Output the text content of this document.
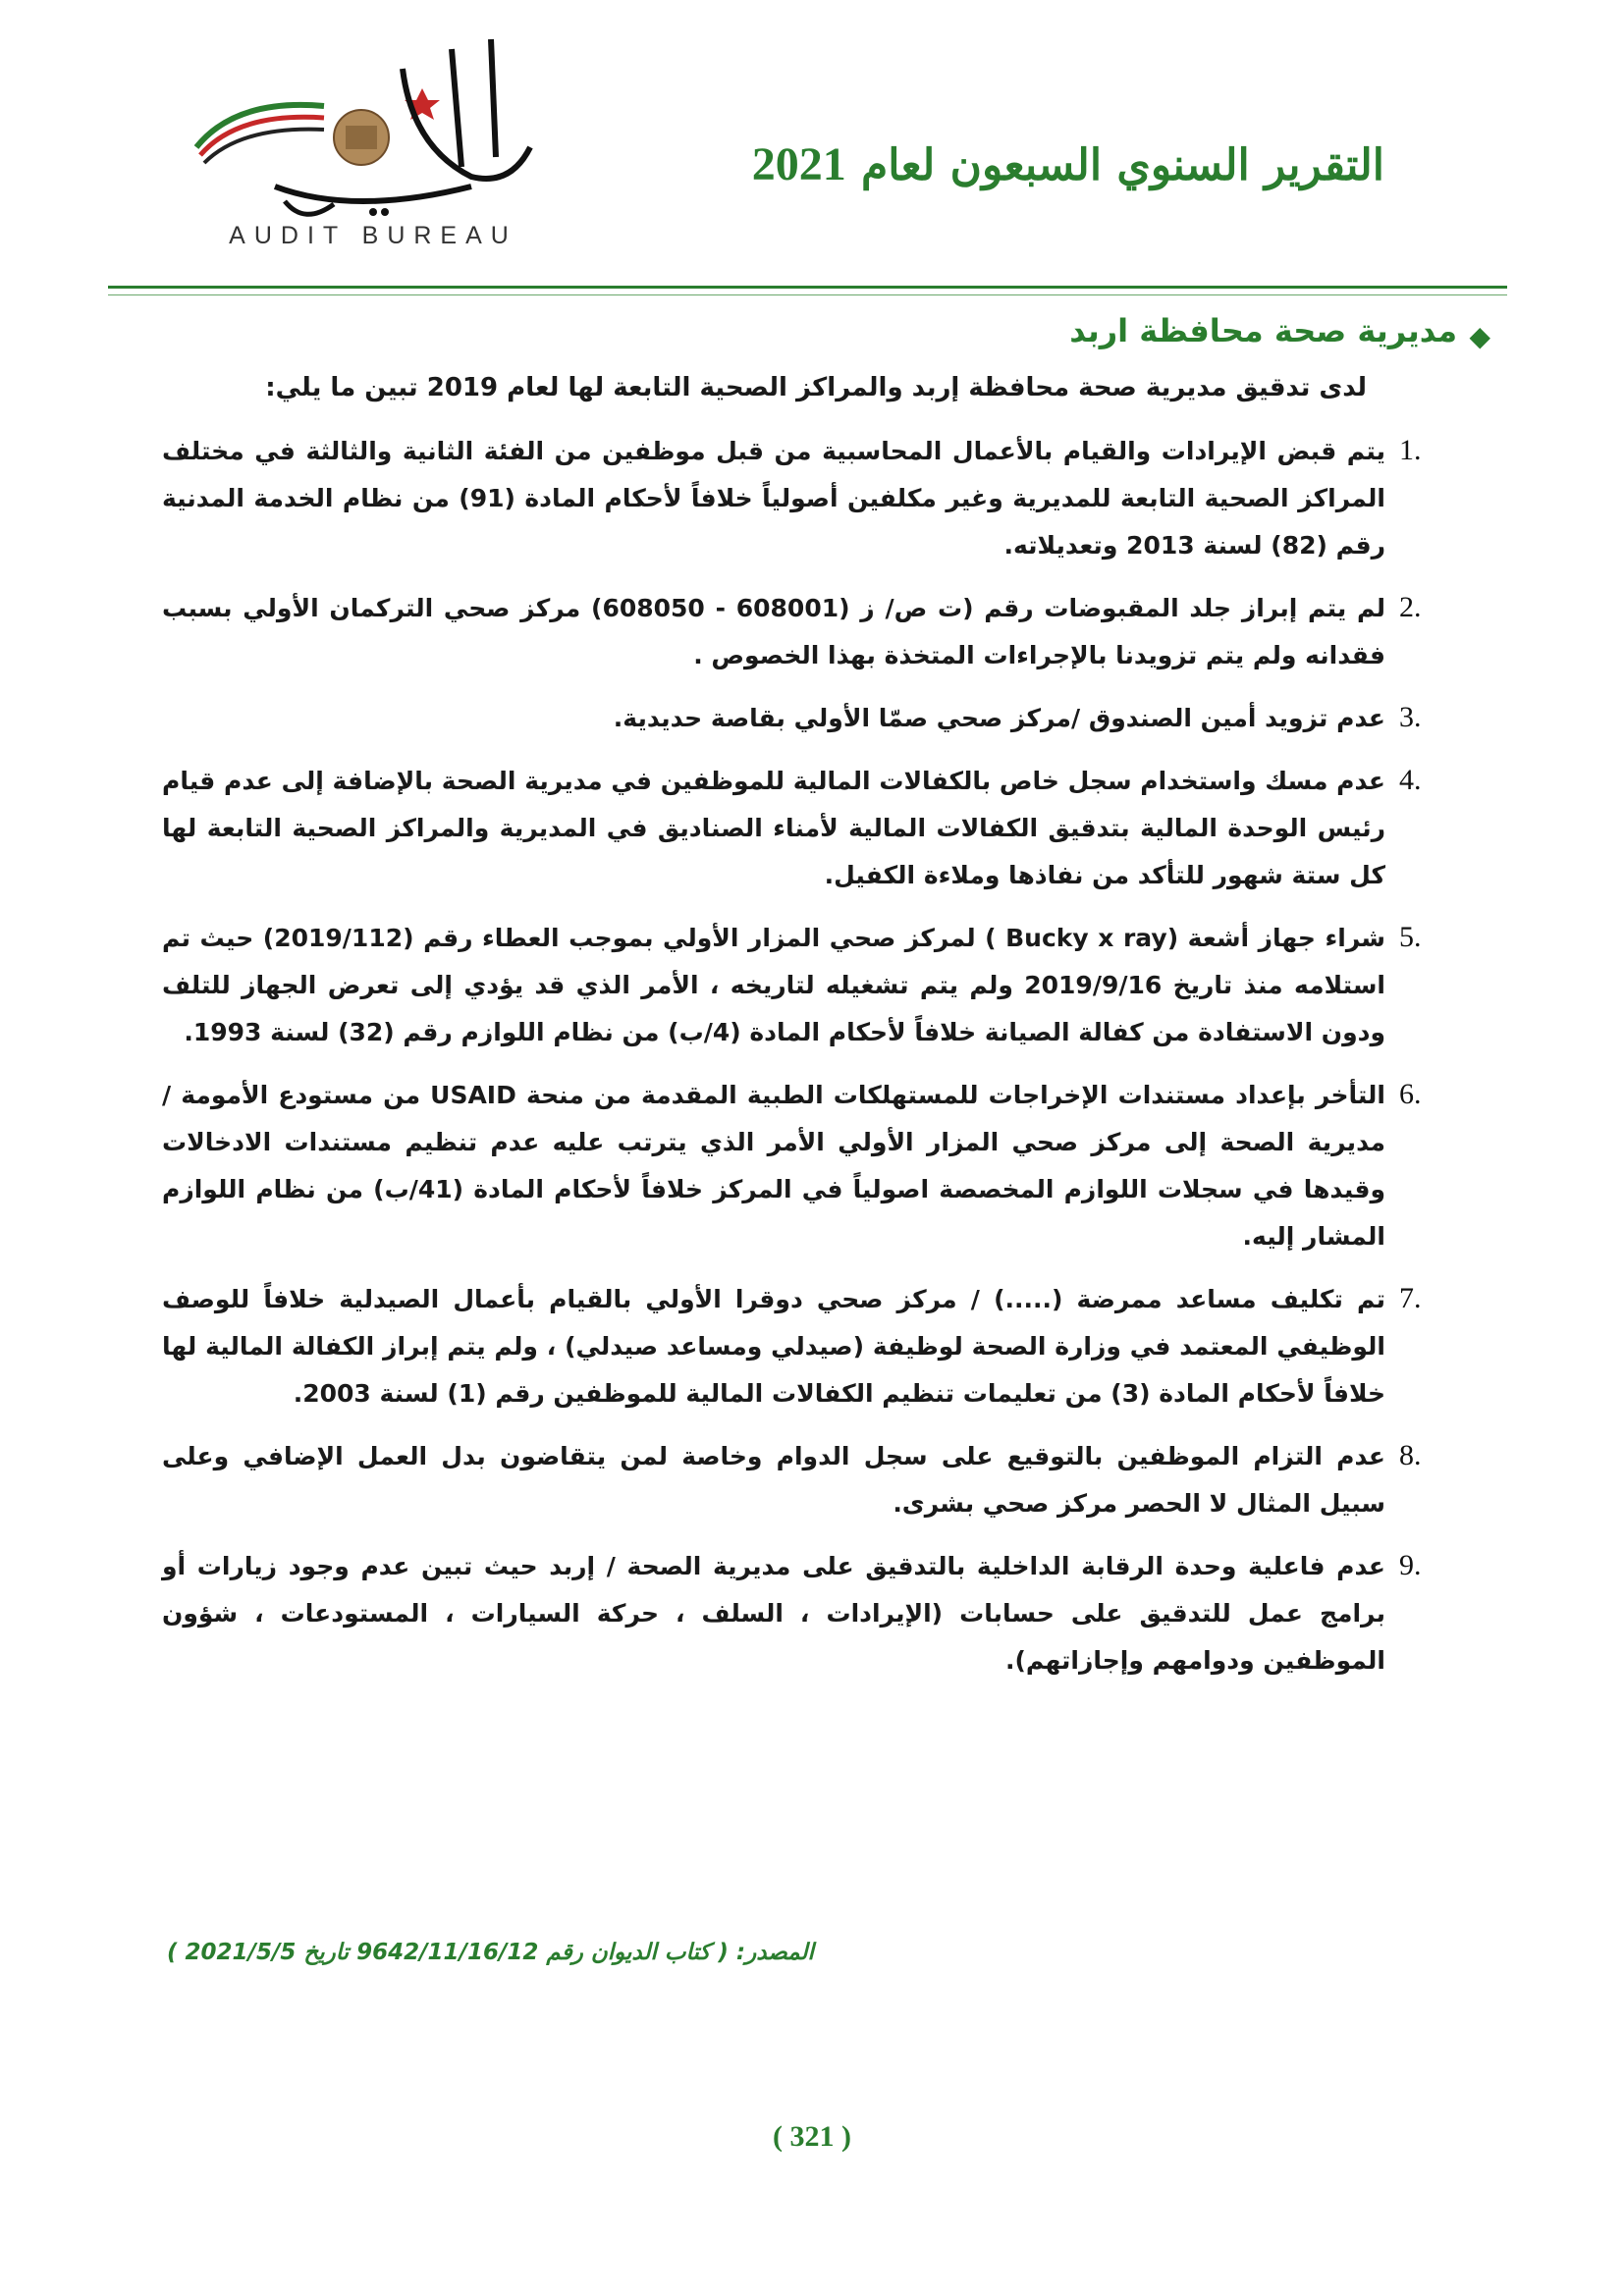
التقرير السنوي السبعون لعام 2021
AUDIT BUREAU
◆
مديرية صحة محافظة اربد
لدى تدقيق مديرية صحة محافظة إربد والمراكز الصحية التابعة لها لعام 2019 تبين ما يلي:
1.
يتم قبض الإيرادات والقيام بالأعمال المحاسبية من قبل موظفين من الفئة الثانية والثالثة في مختلف المراكز الصحية التابعة للمديرية وغير مكلفين أصولياً خلافاً لأحكام المادة (91) من نظام الخدمة المدنية رقم (82) لسنة 2013 وتعديلاته.
2.
لم يتم إبراز جلد المقبوضات رقم (ت ص/ ز (608001 - 608050) مركز صحي التركمان الأولي بسبب فقدانه ولم يتم تزويدنا بالإجراءات المتخذة بهذا الخصوص .
3.
عدم تزويد أمين الصندوق /مركز صحي صمّا الأولي بقاصة حديدية.
4.
عدم مسك واستخدام سجل خاص بالكفالات المالية للموظفين في مديرية الصحة بالإضافة إلى عدم قيام رئيس الوحدة المالية بتدقيق الكفالات المالية لأمناء الصناديق في المديرية والمراكز الصحية التابعة لها كل ستة شهور للتأكد من نفاذها وملاءة الكفيل.
5.
شراء جهاز أشعة (Bucky x ray ) لمركز صحي المزار الأولي بموجب العطاء رقم (2019/112) حيث تم استلامه منذ تاريخ 2019/9/16 ولم يتم تشغيله لتاريخه ، الأمر الذي قد يؤدي إلى تعرض الجهاز للتلف ودون الاستفادة من كفالة الصيانة خلافاً لأحكام المادة (4/ب) من نظام اللوازم رقم (32) لسنة 1993.
6.
التأخر بإعداد مستندات الإخراجات للمستهلكات الطبية المقدمة من منحة USAID من مستودع الأمومة / مديرية الصحة إلى مركز صحي المزار الأولي الأمر الذي يترتب عليه عدم تنظيم مستندات الادخالات وقيدها في سجلات اللوازم المخصصة اصولياً في المركز خلافاً لأحكام المادة (41/ب) من نظام اللوازم المشار إليه.
7.
تم تكليف مساعد ممرضة (.....) / مركز صحي دوقرا الأولي بالقيام بأعمال الصيدلية خلافاً للوصف الوظيفي المعتمد في وزارة الصحة لوظيفة (صيدلي ومساعد صيدلي) ، ولم يتم إبراز الكفالة المالية لها خلافاً لأحكام المادة (3) من تعليمات تنظيم الكفالات المالية للموظفين رقم (1) لسنة 2003.
8.
عدم التزام الموظفين بالتوقيع على سجل الدوام وخاصة لمن يتقاضون بدل العمل الإضافي وعلى سبيل المثال لا الحصر مركز صحي بشرى.
9.
عدم فاعلية وحدة الرقابة الداخلية بالتدقيق على مديرية الصحة / إربد حيث تبين عدم وجود زيارات أو برامج عمل للتدقيق على حسابات (الإيرادات ، السلف ، حركة السيارات ، المستودعات ، شؤون الموظفين ودوامهم وإجازاتهم).
المصدر: ( كتاب الديوان رقم 9642/11/16/12 تاريخ 2021/5/5 )
( 321 )
